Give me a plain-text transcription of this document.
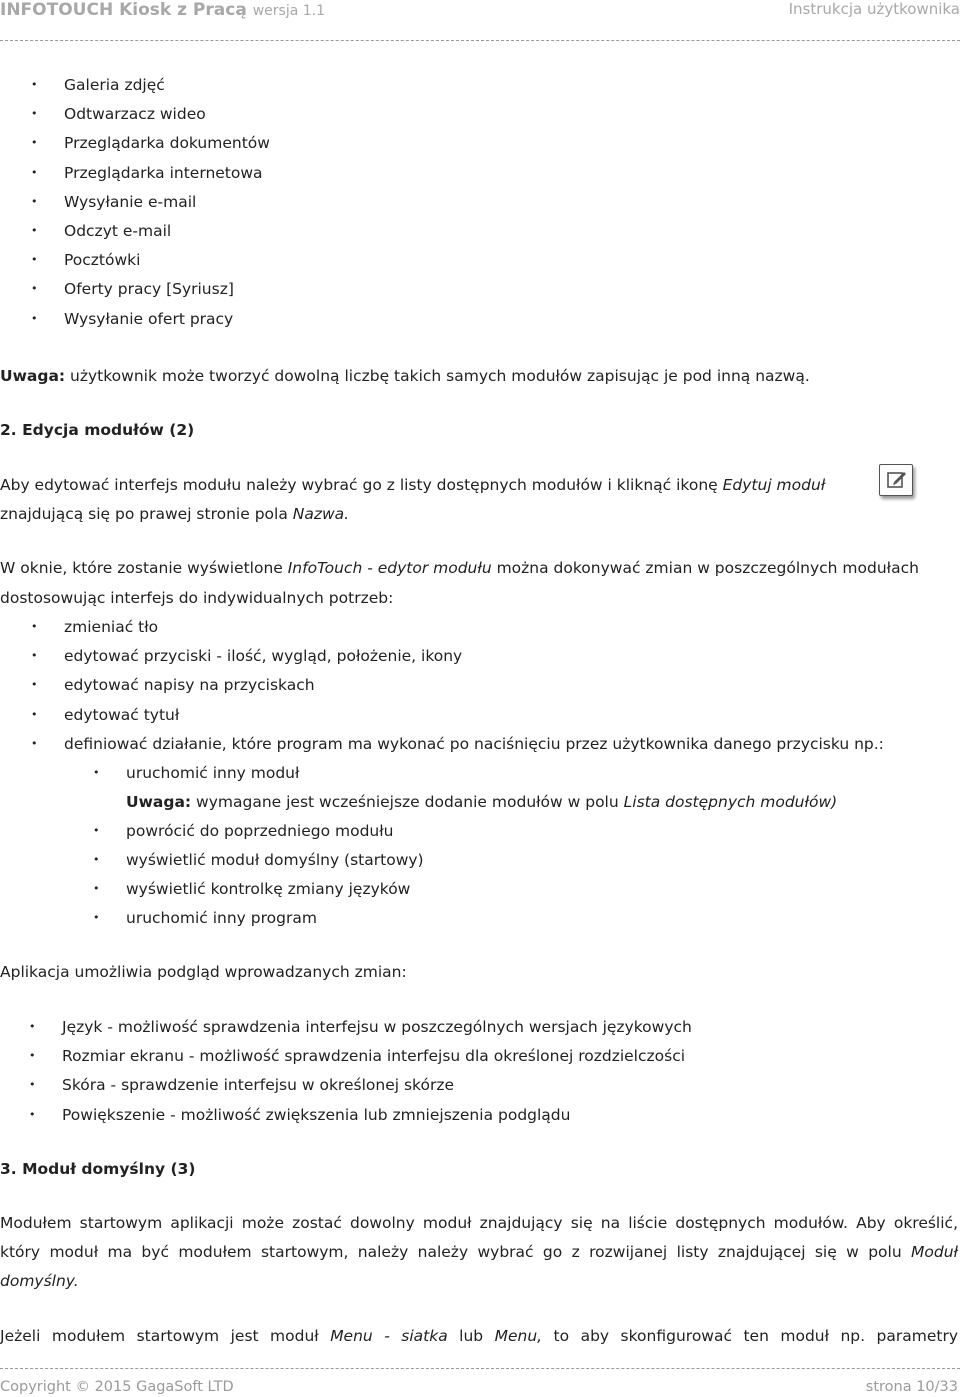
INFOTOUCH Kiosk z Pracą wersja 1.1	Instrukcja użytkownika
• Galeria zdjęć
• Odtwarzacz wideo
• Przeglądarka dokumentów
• Przeglądarka internetowa
• Wysyłanie e-mail
• Odczyt e-mail
• Pocztówki
• Oferty pracy [Syriusz]
• Wysyłanie ofert pracy
Uwaga: użytkownik może tworzyć dowolną liczbę takich samych modułów zapisując je pod inną nazwą.
2. Edycja modułów (2)
Aby edytować interfejs modułu należy wybrać go z listy dostępnych modułów i kliknąć ikonę Edytuj moduł
znajdującą się po prawej stronie pola Nazwa.
W oknie, które zostanie wyświetlone InfoTouch - edytor modułu można dokonywać zmian w poszczególnych modułach
dostosowując interfejs do indywidualnych potrzeb:
• zmieniać tło
• edytować przyciski - ilość, wygląd, położenie, ikony
• edytować napisy na przyciskach
• edytować tytuł
• definiować działanie, które program ma wykonać po naciśnięciu przez użytkownika danego przycisku np.:
• uruchomić inny moduł
• powrócić do poprzedniego modułu
• wyświetlić moduł domyślny (startowy)
• wyświetlić kontrolkę zmiany języków
• uruchomić inny program
Uwaga: wymagane jest wcześniejsze dodanie modułów w polu Lista dostępnych modułów)
Aplikacja umożliwia podgląd wprowadzanych zmian:
• Język - możliwość sprawdzenia interfejsu w poszczególnych wersjach językowych
• Rozmiar ekranu - możliwość sprawdzenia interfejsu dla określonej rozdzielczości
• Skóra - sprawdzenie interfejsu w określonej skórze
• Powiększenie - możliwość zwiększenia lub zmniejszenia podglądu
3. Moduł domyślny (3)
Modułem startowym aplikacji może zostać dowolny moduł znajdujący się na liście dostępnych modułów. Aby określić,
który moduł ma być modułem startowym, należy należy wybrać go z rozwijanej listy znajdującej się w polu Moduł
domyślny.
Jeżeli modułem startowym jest moduł Menu - siatka lub Menu, to aby skonfigurować ten moduł np. parametry
Copyright © 2015 GagaSoft LTD	strona 10/33
